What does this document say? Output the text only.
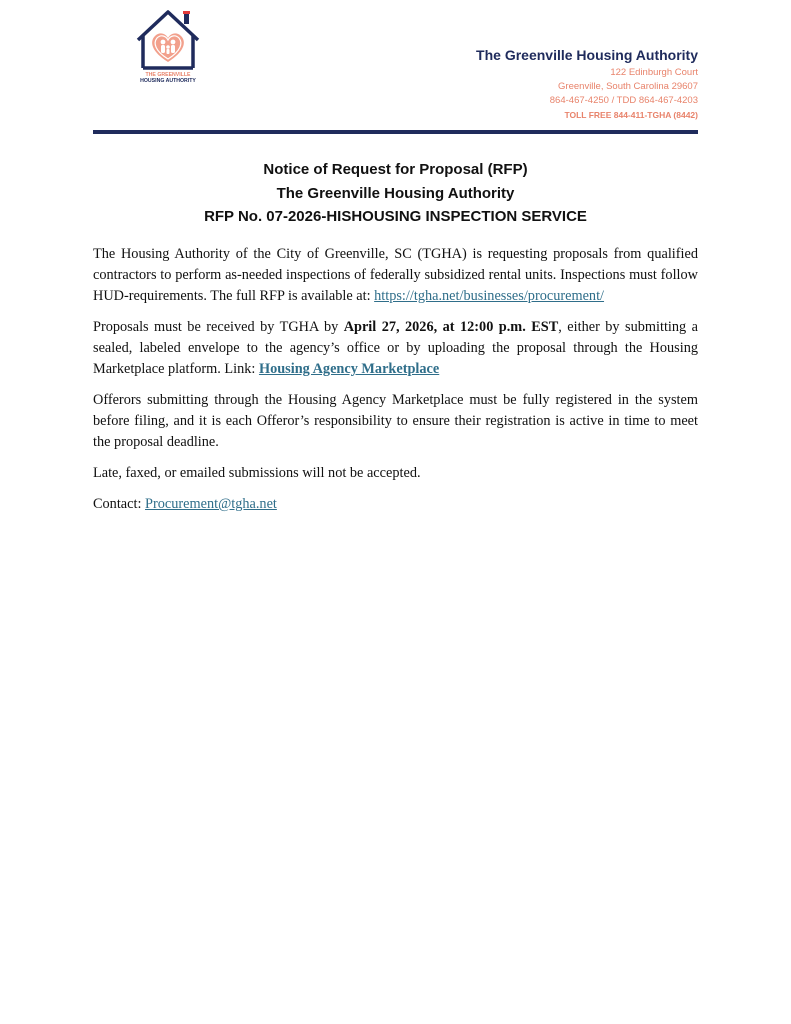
THE GREENVILLE
HOUSING AUTHORITY
The Greenville Housing Authority
122 Edinburgh Court
Greenville, South Carolina 29607
864-467-4250 / TDD 864-467-4203
TOLL FREE 844-411-TGHA (8442)
Notice of Request for Proposal (RFP)
The Greenville Housing Authority
RFP No. 07-2026-HISHOUSING INSPECTION SERVICE

The Housing Authority of the City of Greenville, SC (TGHA) is requesting proposals from qualified contractors to perform as-needed inspections of federally subsidized rental units. Inspections must follow HUD-requirements. The full RFP is available at: https://tgha.net/businesses/procurement/

Proposals must be received by TGHA by April 27, 2026, at 12:00 p.m. EST, either by submitting a sealed, labeled envelope to the agency’s office or by uploading the proposal through the Housing Marketplace platform. Link: Housing Agency Marketplace

Offerors submitting through the Housing Agency Marketplace must be fully registered in the system before filing, and it is each Offeror’s responsibility to ensure their registration is active in time to meet the proposal deadline.

Late, faxed, or emailed submissions will not be accepted.

Contact: Procurement@tgha.net
